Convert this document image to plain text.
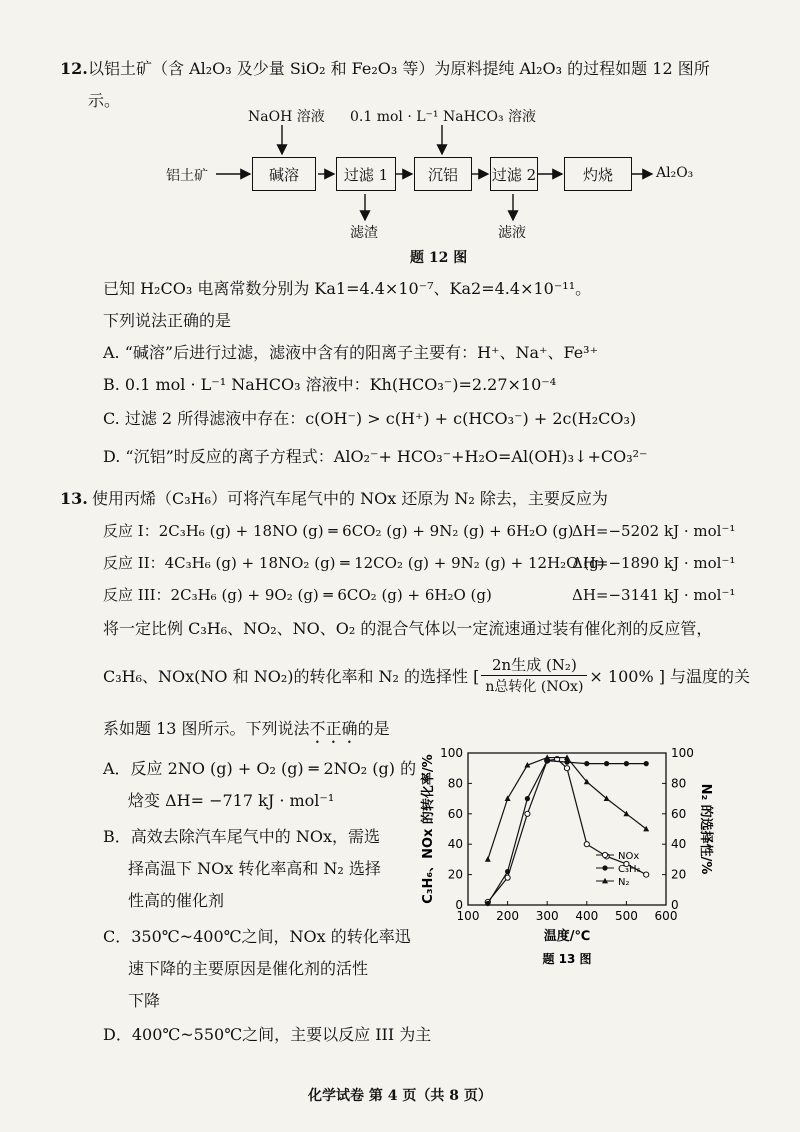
12. 以铝土矿（含 Al₂O₃ 及少量 SiO₂ 和 Fe₂O₃ 等）为原料提纯 Al₂O₃ 的过程如题 12 图所
示。
铝土矿	碱溶	过滤 1	沉铝	过滤 2	灼烧	Al₂O₃
NaOH 溶液 0.1 mol · L⁻¹ NaHCO₃ 溶液
滤渣	滤液
题 12 图
已知 H₂CO₃ 电离常数分别为 Ka1=4.4×10⁻⁷、Ka2=4.4×10⁻¹¹。
下列说法正确的是
A. “碱溶”后进行过滤，滤液中含有的阳离子主要有：H⁺、Na⁺、Fe³⁺
B. 0.1 mol · L⁻¹ NaHCO₃ 溶液中：Kh(HCO₃⁻)=2.27×10⁻⁴
C. 过滤 2 所得滤液中存在：c(OH⁻) > c(H⁺) + c(HCO₃⁻) + 2c(H₂CO₃)
D. “沉铝”时反应的离子方程式：AlO₂⁻+ HCO₃⁻+H₂O=Al(OH)₃↓+CO₃²⁻
13. 使用丙烯（C₃H₆）可将汽车尾气中的 NOx 还原为 N₂ 除去，主要反应为
反应 I：2C₃H₆ (g) + 18NO (g) ═ 6CO₂ (g) + 9N₂ (g) + 6H₂O (g)
ΔH=−5202 kJ · mol⁻¹
反应 II：4C₃H₆ (g) + 18NO₂ (g) ═ 12CO₂ (g) + 9N₂ (g) + 12H₂O (g)
ΔH=−1890 kJ · mol⁻¹
反应 III：2C₃H₆ (g) + 9O₂ (g) ═ 6CO₂ (g) + 6H₂O (g)	ΔH=−3141 kJ · mol⁻¹
将一定比例 C₃H₆、NO₂、NO、O₂ 的混合气体以一定流速通过装有催化剂的反应管，
C₃H₆、NOx(NO 和 NO₂)的转化率和 N₂ 的选择性 [ $\frac{\text{2n生成 (N₂)}}{\text{n总转化 (NOx)}} \times 100\%$ ] 与温度的关
系如题 13 图所示。下列说法不正确的是
A．反应 2NO (g) + O₂ (g) ═ 2NO₂ (g) 的
焓变 ΔH= −717 kJ · mol⁻¹
B．高效去除汽车尾气中的 NOx，需选
择高温下 NOx 转化率高和 N₂ 选择
性高的催化剂
C．350℃~400℃之间，NOx 的转化率迅
速下降的主要原因是催化剂的活性
下降
D．400℃~550℃之间，主要以反应 III 为主
0	0
20	20
40	40
60	60
80	80
100	100
100 200 300 400 500 600
温度/℃
C₃H₆、NOx 的转化率/%	N₂ 的选择性/%
题 13 图
NOx
C₃H₆
N₂
化学试卷 第 4 页（共 8 页）
